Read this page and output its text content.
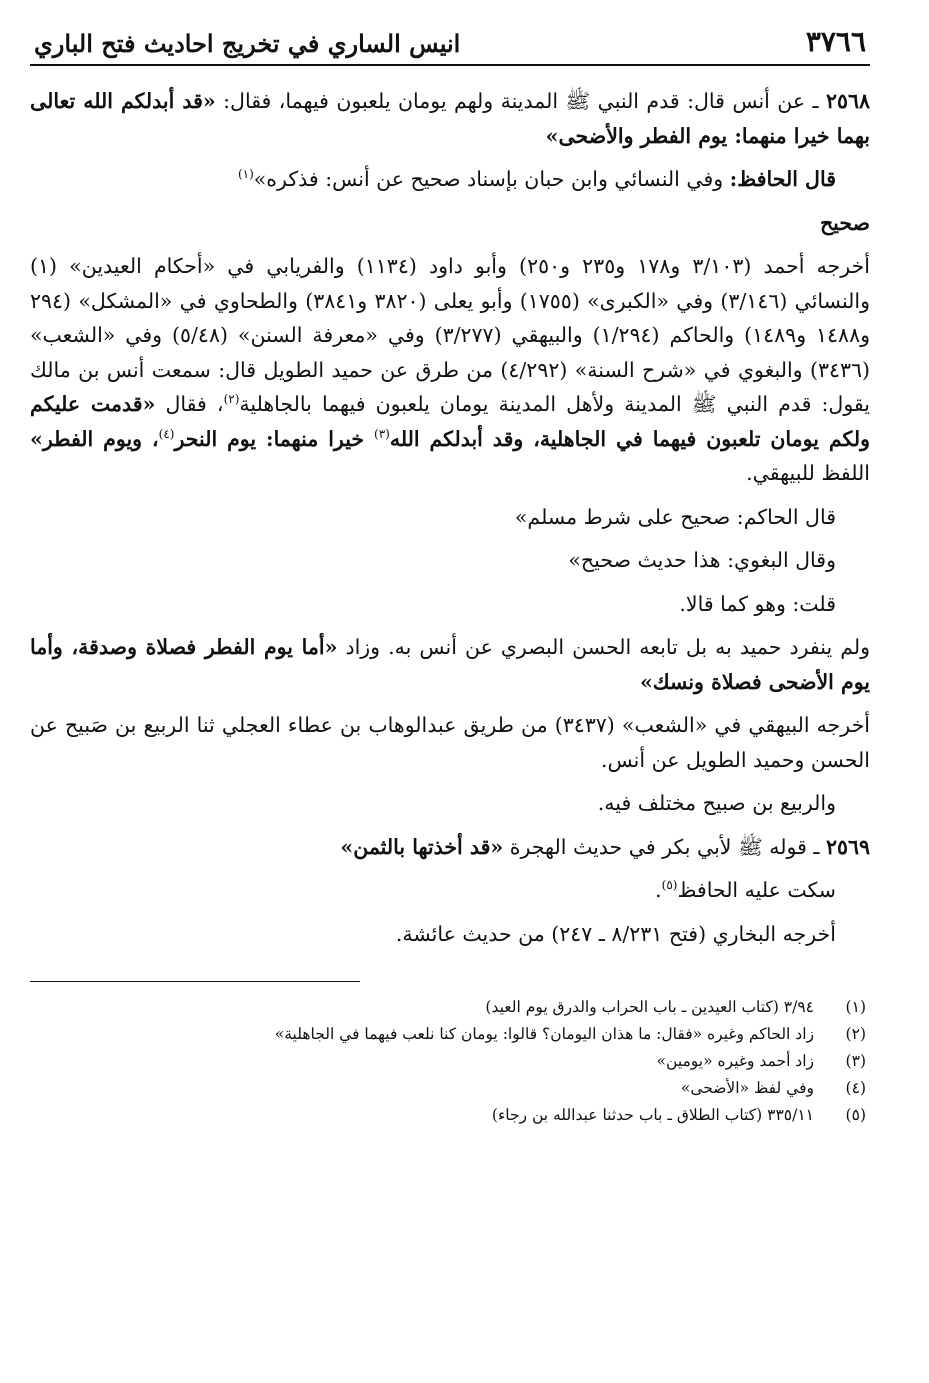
٣٧٦٦
انيس الساري في تخريج احاديث فتح الباري

٢٥٦٨ ـ عن أنس قال: قدم النبي ﷺ المدينة ولهم يومان يلعبون فيهما، فقال: «قد أبدلكم الله تعالى بهما خيرا منهما: يوم الفطر والأضحى»

قال الحافظ: وفي النسائي وابن حبان بإسناد صحيح عن أنس: فذكره»$^{(١)}$

صحيح

أخرجه أحمد (٣/١٠٣ و١٧٨ و٢٣٥ و٢٥٠) وأبو داود (١١٣٤) والفريابي في «أحكام العيدين» (١) والنسائي (٣/١٤٦) وفي «الكبرى» (١٧٥٥) وأبو يعلى (٣٨٢٠ و٣٨٤١) والطحاوي في «المشكل» (٢٩٤ و١٤٨٨ و١٤٨٩) والحاكم (١/٢٩٤) والبيهقي (٣/٢٧٧) وفي «معرفة السنن» (٥/٤٨) وفي «الشعب» (٣٤٣٦) والبغوي في «شرح السنة» (٤/٢٩٢) من طرق عن حميد الطويل قال: سمعت أنس بن مالك يقول: قدم النبي ﷺ المدينة ولأهل المدينة يومان يلعبون فيهما بالجاهلية$^{(٢)}$، فقال «قدمت عليكم ولكم يومان تلعبون فيهما في الجاهلية، وقد أبدلكم الله$^{(٣)}$ خيرا منهما: يوم النحر$^{(٤)}$، ويوم الفطر» اللفظ للبيهقي.

قال الحاكم: صحيح على شرط مسلم»

وقال البغوي: هذا حديث صحيح»

قلت: وهو كما قالا.

ولم ينفرد حميد به بل تابعه الحسن البصري عن أنس به. وزاد «أما يوم الفطر فصلاة وصدقة، وأما يوم الأضحى فصلاة ونسك»

أخرجه البيهقي في «الشعب» (٣٤٣٧) من طريق عبدالوهاب بن عطاء العجلي ثنا الربيع بن صَبيح عن الحسن وحميد الطويل عن أنس.

والربيع بن صبيح مختلف فيه.

٢٥٦٩ ـ قوله ﷺ لأبي بكر في حديث الهجرة «قد أخذتها بالثمن»

سكت عليه الحافظ$^{(٥)}$.

أخرجه البخاري (فتح ٨/٢٣١ ـ ٢٤٧) من حديث عائشة.

(١)
٣/٩٤ (كتاب العيدين ـ باب الحراب والدرق يوم العيد)
(٢)
زاد الحاكم وغيره «فقال: ما هذان اليومان؟ قالوا: يومان كنا نلعب فيهما في الجاهلية»
(٣)
زاد أحمد وغيره «يومين»
(٤)
وفي لفظ «الأضحى»
(٥)
٣٣٥/١١ (كتاب الطلاق ـ باب حدثنا عبدالله بن رجاء)
